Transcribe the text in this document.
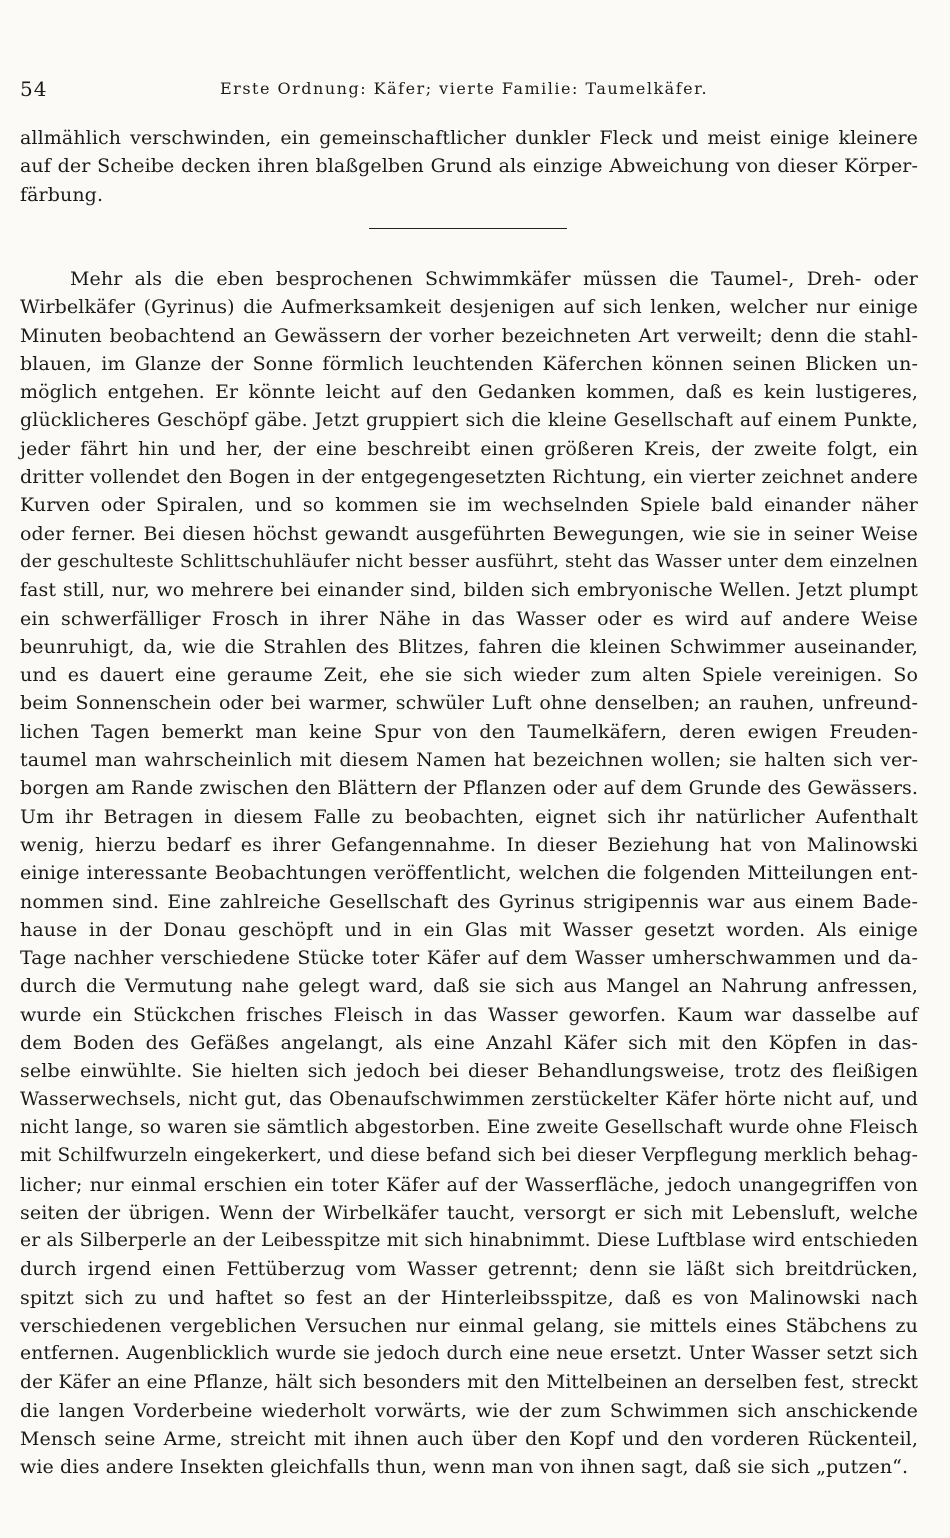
54	Erste Ordnung: Käfer; vierte Familie: Taumelkäfer.
allmählich verschwinden, ein gemeinschaftlicher dunkler Fleck und meist einige kleinere
auf der Scheibe decken ihren blaßgelben Grund als einzige Abweichung von dieser Körper-
färbung.
Mehr als die eben besprochenen Schwimmkäfer müssen die Taumel-, Dreh- oder
Wirbelkäfer (Gyrinus) die Aufmerksamkeit desjenigen auf sich lenken, welcher nur einige
Minuten beobachtend an Gewässern der vorher bezeichneten Art verweilt; denn die stahl-
blauen, im Glanze der Sonne förmlich leuchtenden Käferchen können seinen Blicken un-
möglich entgehen. Er könnte leicht auf den Gedanken kommen, daß es kein lustigeres,
glücklicheres Geschöpf gäbe. Jetzt gruppiert sich die kleine Gesellschaft auf einem Punkte,
jeder fährt hin und her, der eine beschreibt einen größeren Kreis, der zweite folgt, ein
dritter vollendet den Bogen in der entgegengesetzten Richtung, ein vierter zeichnet andere
Kurven oder Spiralen, und so kommen sie im wechselnden Spiele bald einander näher
oder ferner. Bei diesen höchst gewandt ausgeführten Bewegungen, wie sie in seiner Weise
der geschulteste Schlittschuhläufer nicht besser ausführt, steht das Wasser unter dem einzelnen
fast still, nur, wo mehrere bei einander sind, bilden sich embryonische Wellen. Jetzt plumpt
ein schwerfälliger Frosch in ihrer Nähe in das Wasser oder es wird auf andere Weise
beunruhigt, da, wie die Strahlen des Blitzes, fahren die kleinen Schwimmer auseinander,
und es dauert eine geraume Zeit, ehe sie sich wieder zum alten Spiele vereinigen. So
beim Sonnenschein oder bei warmer, schwüler Luft ohne denselben; an rauhen, unfreund-
lichen Tagen bemerkt man keine Spur von den Taumelkäfern, deren ewigen Freuden-
taumel man wahrscheinlich mit diesem Namen hat bezeichnen wollen; sie halten sich ver-
borgen am Rande zwischen den Blättern der Pflanzen oder auf dem Grunde des Gewässers.
Um ihr Betragen in diesem Falle zu beobachten, eignet sich ihr natürlicher Aufenthalt
wenig, hierzu bedarf es ihrer Gefangennahme. In dieser Beziehung hat von Malinowski
einige interessante Beobachtungen veröffentlicht, welchen die folgenden Mitteilungen ent-
nommen sind. Eine zahlreiche Gesellschaft des Gyrinus strigipennis war aus einem Bade-
hause in der Donau geschöpft und in ein Glas mit Wasser gesetzt worden. Als einige
Tage nachher verschiedene Stücke toter Käfer auf dem Wasser umherschwammen und da-
durch die Vermutung nahe gelegt ward, daß sie sich aus Mangel an Nahrung anfressen,
wurde ein Stückchen frisches Fleisch in das Wasser geworfen. Kaum war dasselbe auf
dem Boden des Gefäßes angelangt, als eine Anzahl Käfer sich mit den Köpfen in das-
selbe einwühlte. Sie hielten sich jedoch bei dieser Behandlungsweise, trotz des fleißigen
Wasserwechsels, nicht gut, das Obenaufschwimmen zerstückelter Käfer hörte nicht auf, und
nicht lange, so waren sie sämtlich abgestorben. Eine zweite Gesellschaft wurde ohne Fleisch
mit Schilfwurzeln eingekerkert, und diese befand sich bei dieser Verpflegung merklich behag-
licher; nur einmal erschien ein toter Käfer auf der Wasserfläche, jedoch unangegriffen von
seiten der übrigen. Wenn der Wirbelkäfer taucht, versorgt er sich mit Lebensluft, welche
er als Silberperle an der Leibesspitze mit sich hinabnimmt. Diese Luftblase wird entschieden
durch irgend einen Fettüberzug vom Wasser getrennt; denn sie läßt sich breitdrücken,
spitzt sich zu und haftet so fest an der Hinterleibsspitze, daß es von Malinowski nach
verschiedenen vergeblichen Versuchen nur einmal gelang, sie mittels eines Stäbchens zu
entfernen. Augenblicklich wurde sie jedoch durch eine neue ersetzt. Unter Wasser setzt sich
der Käfer an eine Pflanze, hält sich besonders mit den Mittelbeinen an derselben fest, streckt
die langen Vorderbeine wiederholt vorwärts, wie der zum Schwimmen sich anschickende
Mensch seine Arme, streicht mit ihnen auch über den Kopf und den vorderen Rückenteil,
wie dies andere Insekten gleichfalls thun, wenn man von ihnen sagt, daß sie sich „putzen“.
